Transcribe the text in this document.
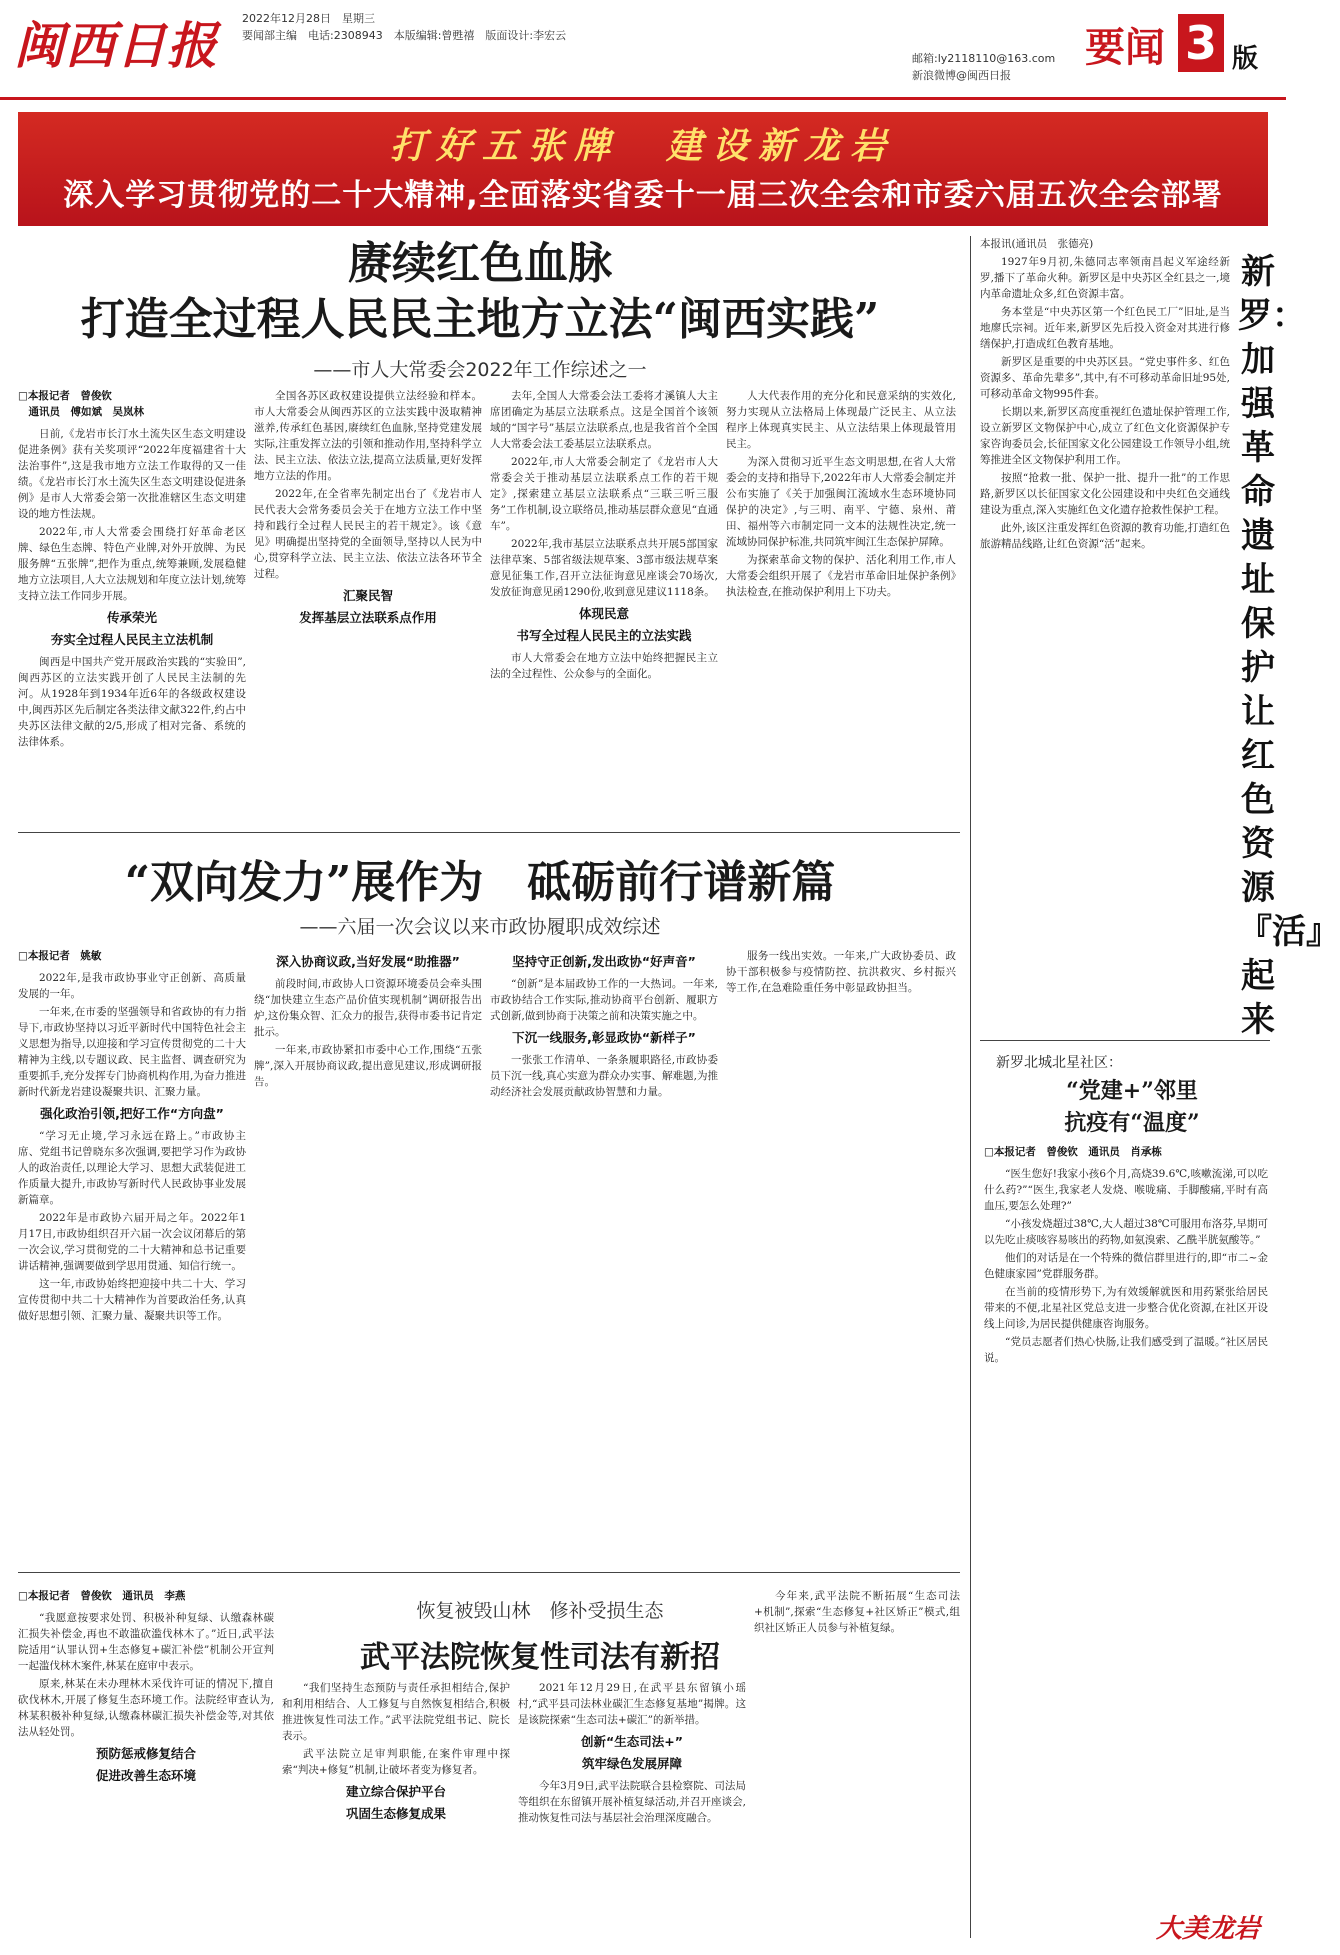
闽西日报 2022年12月28日　星期三
要闻部主编　电话:2308943　本版编辑:曾甦禧　版面设计:李宏云
邮箱:ly2118110@163.com
新浪微博@闽西日报
要闻 3 版
打好五张牌　建设新龙岩
深入学习贯彻党的二十大精神,全面落实省委十一届三次全会和市委六届五次全会部署
赓续红色血脉
打造全过程人民民主地方立法“闽西实践”
——市人大常委会2022年工作综述之一
□本报记者　曾俊钦
　通讯员　傅如斌　吴岚林

日前,《龙岩市长汀水土流失区生态文明建设促进条例》获有关奖项评“2022年度福建省十大法治事件”,这是我市地方立法工作取得的又一佳绩。《龙岩市长汀水土流失区生态文明建设促进条例》是市人大常委会第一次批准辖区生态文明建设的地方性法规。

2022年,市人大常委会围绕打好革命老区牌、绿色生态牌、特色产业牌,对外开放牌、为民服务牌“五张牌”,把作为重点,统筹兼顾,发展稳健地方立法项目,人大立法规划和年度立法计划,统筹支持立法工作同步开展。

传承荣光
夯实全过程人民民主立法机制

闽西是中国共产党开展政治实践的“实验田”,闽西苏区的立法实践开创了人民民主法制的先河。从1928年到1934年近6年的各级政权建设中,闽西苏区先后制定各类法律文献322件,约占中央苏区法律文献的2/5,形成了相对完备、系统的法律体系。

全国各苏区政权建设提供立法经验和样本。市人大常委会从闽西苏区的立法实践中汲取精神滋养,传承红色基因,赓续红色血脉,坚持党建发展实际,注重发挥立法的引领和推动作用,坚持科学立法、民主立法、依法立法,提高立法质量,更好发挥地方立法的作用。

2022年,在全省率先制定出台了《龙岩市人民代表大会常务委员会关于在地方立法工作中坚持和践行全过程人民民主的若干规定》。该《意见》明确提出坚持党的全面领导,坚持以人民为中心,贯穿科学立法、民主立法、依法立法各环节全过程。

汇聚民智
发挥基层立法联系点作用

去年,全国人大常委会法工委将才溪镇人大主席团确定为基层立法联系点。这是全国首个该领域的“国字号”基层立法联系点,也是我省首个全国人大常委会法工委基层立法联系点。

2022年,市人大常委会制定了《龙岩市人大常委会关于推动基层立法联系点工作的若干规定》,探索建立基层立法联系点“三联三听三服务”工作机制,设立联络员,推动基层群众意见“直通车”。

2022年,我市基层立法联系点共开展5部国家法律草案、5部省级法规草案、3部市级法规草案意见征集工作,召开立法征询意见座谈会70场次,发放征询意见函1290份,收到意见建议1118条。

体现民意
书写全过程人民民主的立法实践

市人大常委会在地方立法中始终把握民主立法的全过程性、公众参与的全面化。

人大代表作用的充分化和民意采纳的实效化,努力实现从立法格局上体现最广泛民主、从立法程序上体现真实民主、从立法结果上体现最管用民主。

为深入贯彻习近平生态文明思想,在省人大常委会的支持和指导下,2022年市人大常委会制定并公布实施了《关于加强闽江流域水生态环境协同保护的决定》,与三明、南平、宁德、泉州、莆田、福州等六市制定同一文本的法规性决定,统一流域协同保护标准,共同筑牢闽江生态保护屏障。

为探索革命文物的保护、活化利用工作,市人大常委会组织开展了《龙岩市革命旧址保护条例》执法检查,在推动保护利用上下功夫。

“双向发力”展作为　砥砺前行谱新篇
——六届一次会议以来市政协履职成效综述
□本报记者　姚敏

2022年,是我市政协事业守正创新、高质量发展的一年。

一年来,在市委的坚强领导和省政协的有力指导下,市政协坚持以习近平新时代中国特色社会主义思想为指导,以迎接和学习宣传贯彻党的二十大精神为主线,以专题议政、民主监督、调查研究为重要抓手,充分发挥专门协商机构作用,为奋力推进新时代新龙岩建设凝聚共识、汇聚力量。

强化政治引领,把好工作“方向盘”

“学习无止境,学习永远在路上。”市政协主席、党组书记曾晓东多次强调,要把学习作为政协人的政治责任,以理论大学习、思想大武装促进工作质量大提升,市政协写新时代人民政协事业发展新篇章。

2022年是市政协六届开局之年。2022年1月17日,市政协组织召开六届一次会议闭幕后的第一次会议,学习贯彻党的二十大精神和总书记重要讲话精神,强调要做到学思用贯通、知信行统一。

这一年,市政协始终把迎接中共二十大、学习宣传贯彻中共二十大精神作为首要政治任务,认真做好思想引领、汇聚力量、凝聚共识等工作。

深入协商议政,当好发展“助推器”

前段时间,市政协人口资源环境委员会牵头围绕“加快建立生态产品价值实现机制”调研报告出炉,这份集众智、汇众力的报告,获得市委书记肯定批示。

一年来,市政协紧扣市委中心工作,围绕“五张牌”,深入开展协商议政,提出意见建议,形成调研报告。

坚持守正创新,发出政协“好声音”

“创新”是本届政协工作的一大热词。一年来,市政协结合工作实际,推动协商平台创新、履职方式创新,做到协商于决策之前和决策实施之中。

下沉一线服务,彰显政协“新样子”

一张张工作清单、一条条履职路径,市政协委员下沉一线,真心实意为群众办实事、解难题,为推动经济社会发展贡献政协智慧和力量。

服务一线出实效。一年来,广大政协委员、政协干部积极参与疫情防控、抗洪救灾、乡村振兴等工作,在急难险重任务中彰显政协担当。

□本报记者　曾俊钦　通讯员　李燕

“我愿意按要求处罚、积极补种复绿、认缴森林碳汇损失补偿金,再也不敢滥砍滥伐林木了。”近日,武平法院适用“认罪认罚+生态修复+碳汇补偿”机制公开宣判一起滥伐林木案件,林某在庭审中表示。

原来,林某在未办理林木采伐许可证的情况下,擅自砍伐林木,开展了修复生态环境工作。法院经审查认为,林某积极补种复绿,认缴森林碳汇损失补偿金等,对其依法从轻处罚。

预防惩戒修复结合
促进改善生态环境
恢复被毁山林　修补受损生态
武平法院恢复性司法有新招

“我们坚持生态预防与责任承担相结合,保护和利用相结合、人工修复与自然恢复相结合,积极推进恢复性司法工作。”武平法院党组书记、院长表示。

武平法院立足审判职能,在案件审理中探索“判决+修复”机制,让破坏者变为修复者。

建立综合保护平台
巩固生态修复成果

2021年12月29日,在武平县东留镇小瑶村,“武平县司法林业碳汇生态修复基地”揭牌。这是该院探索“生态司法+碳汇”的新举措。

创新“生态司法+”
筑牢绿色发展屏障

今年3月9日,武平法院联合县检察院、司法局等组织在东留镇开展补植复绿活动,并召开座谈会,推动恢复性司法与基层社会治理深度融合。

今年来,武平法院不断拓展“生态司法+机制”,探索“生态修复+社区矫正”模式,组织社区矫正人员参与补植复绿。

本报讯(通讯员　张德亮)

1927年9月初,朱德同志率领南昌起义军途经新罗,播下了革命火种。新罗区是中央苏区全红县之一,境内革命遗址众多,红色资源丰富。

务本堂是“中央苏区第一个红色民工厂”旧址,是当地廖氏宗祠。近年来,新罗区先后投入资金对其进行修缮保护,打造成红色教育基地。

新罗区是重要的中央苏区县。“党史事件多、红色资源多、革命先辈多”,其中,有不可移动革命旧址95处,可移动革命文物995件套。

长期以来,新罗区高度重视红色遗址保护管理工作,设立新罗区文物保护中心,成立了红色文化资源保护专家咨询委员会,长征国家文化公园建设工作领导小组,统筹推进全区文物保护利用工作。

按照“抢救一批、保护一批、提升一批”的工作思路,新罗区以长征国家文化公园建设和中央红色交通线建设为重点,深入实施红色文化遗存抢救性保护工程。

此外,该区注重发挥红色资源的教育功能,打造红色旅游精品线路,让红色资源“活”起来。

新罗：加强革命遗址保护　让红色资源『活』起来
新罗北城北星社区：
“党建+”邻里
抗疫有“温度”
□本报记者　曾俊钦　通讯员　肖承栋

“医生您好!我家小孩6个月,高烧39.6℃,咳嗽流涕,可以吃什么药?”“医生,我家老人发烧、喉咙痛、手脚酸痛,平时有高血压,要怎么处理?”

“小孩发烧超过38℃,大人超过38℃可服用布洛芬,早期可以先吃止痰咳容易咳出的药物,如氨溴索、乙酰半胱氨酸等。”

他们的对话是在一个特殊的微信群里进行的,即“市二~金色健康家园”党群服务群。

在当前的疫情形势下,为有效缓解就医和用药紧张给居民带来的不便,北星社区党总支进一步整合优化资源,在社区开设线上问诊,为居民提供健康咨询服务。

“党员志愿者们热心快肠,让我们感受到了温暖。”社区居民说。

大美龙岩
